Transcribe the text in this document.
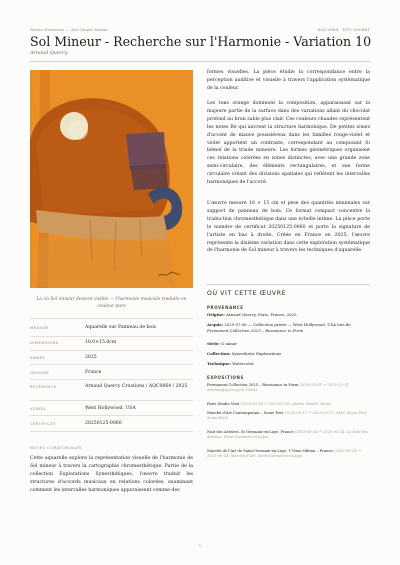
Notes d'œuvres — Art Quant Atoma	AQC0864 · NTC-000461
Sol Mineur - Recherche sur l'Harmonie - Variation 10
Arnaud Quercy
Là où Sol mineur devient visible — l'harmonie musicale traduite en couleur pure
MÉDIUM	Aquarelle sur Panneau de bois
DIMENSIONS	10.0×15.0cm
ANNÉE	2025
ORIGINE	France
RÉFÉRENCE	Arnaud Quercy Creations / AQC0864 / 2025
VENDU	West Hollywood, USA
CERTIFICAT	20250125-0060
NOTES CURATORIALES
Cette aquarelle explore la représentation visuelle de l'harmonie de Sol mineur à travers la cartographie chromesthétique. Partie de la collection Explorations Synesthétiques, l'œuvre traduit les structures d'accords musicaux en relations colorées, examinant comment les intervalles harmoniques apparaissent comme des
formes visuelles. La pièce étudie la correspondance entre la perception auditive et visuelle à travers l'application systématique de la couleur.
Les tons orange dominent la composition, apparaissant sur la majeure partie de la surface dans des variations allant du chocolat profond au brun sable plus clair. Ces couleurs chaudes représentent les notes Ré qui ancrent la structure harmonique. De petites zones d'accent de mauve poussiéreux dans les familles rouge-violet et violet apportent un contraste, correspondant au composant Si bémol de la triade mineure. Les formes géométriques organisent ces relations colorées en zones distinctes, avec une grande zone semi-circulaire, des éléments rectangulaires, et une forme circulaire créant des divisions spatiales qui reflètent les intervalles harmoniques de l'accord.
L'œuvre mesure 10 × 15 cm et pèse des quantités minimales sur support de panneau de bois. Ce format compact concentre la traduction chromesthétique dans une échelle intime. La pièce porte le numéro de certificat 20250125-0060 et porte la signature de l'artiste en bas à droite. Créée en France en 2025, l'œuvre représente la dixième variation dans cette exploration systématique de l'harmonie de Sol mineur à travers les techniques d'aquarelle.
OÙ VIT CETTE ŒUVRE
PROVENANCE
Origine: Arnaud Quercy, Paris, France, 2025
Acquis: 2025-07-06 — Collection privée — West Hollywood, USA lors de Permanent Collection 2025 – Resonance in Form
Série: G minor
Collection: Synesthetic Explorations
Technique: Watercolor
EXPOSITIONS
Permanent Collection 2025 – Resonance in Form (2025-03-01 → 2025-12-31, artemis@quercy.art, Paris)
Paris Studio Visit (2025-02-16 → 2025-02-16, Atelier Studio, Paris)
Marché d'Art Contemporain – Seine Port (2025-05-17 → 2025-05-17, MAC Seine-Port, Seine-Port)
Nuit des Artistes, St Germain-en-Laye, France (2025-05-24 → 2025-05-24, La Nuit des Artistes, Saint-Germain-en-Laye)
Marché de l'Art de Saint-Germain-en-Laye, 17ème édition – France (2025-06-14 → 2025-06-14, Marché d'Art, Saint-Germain-en-Laye)
1
